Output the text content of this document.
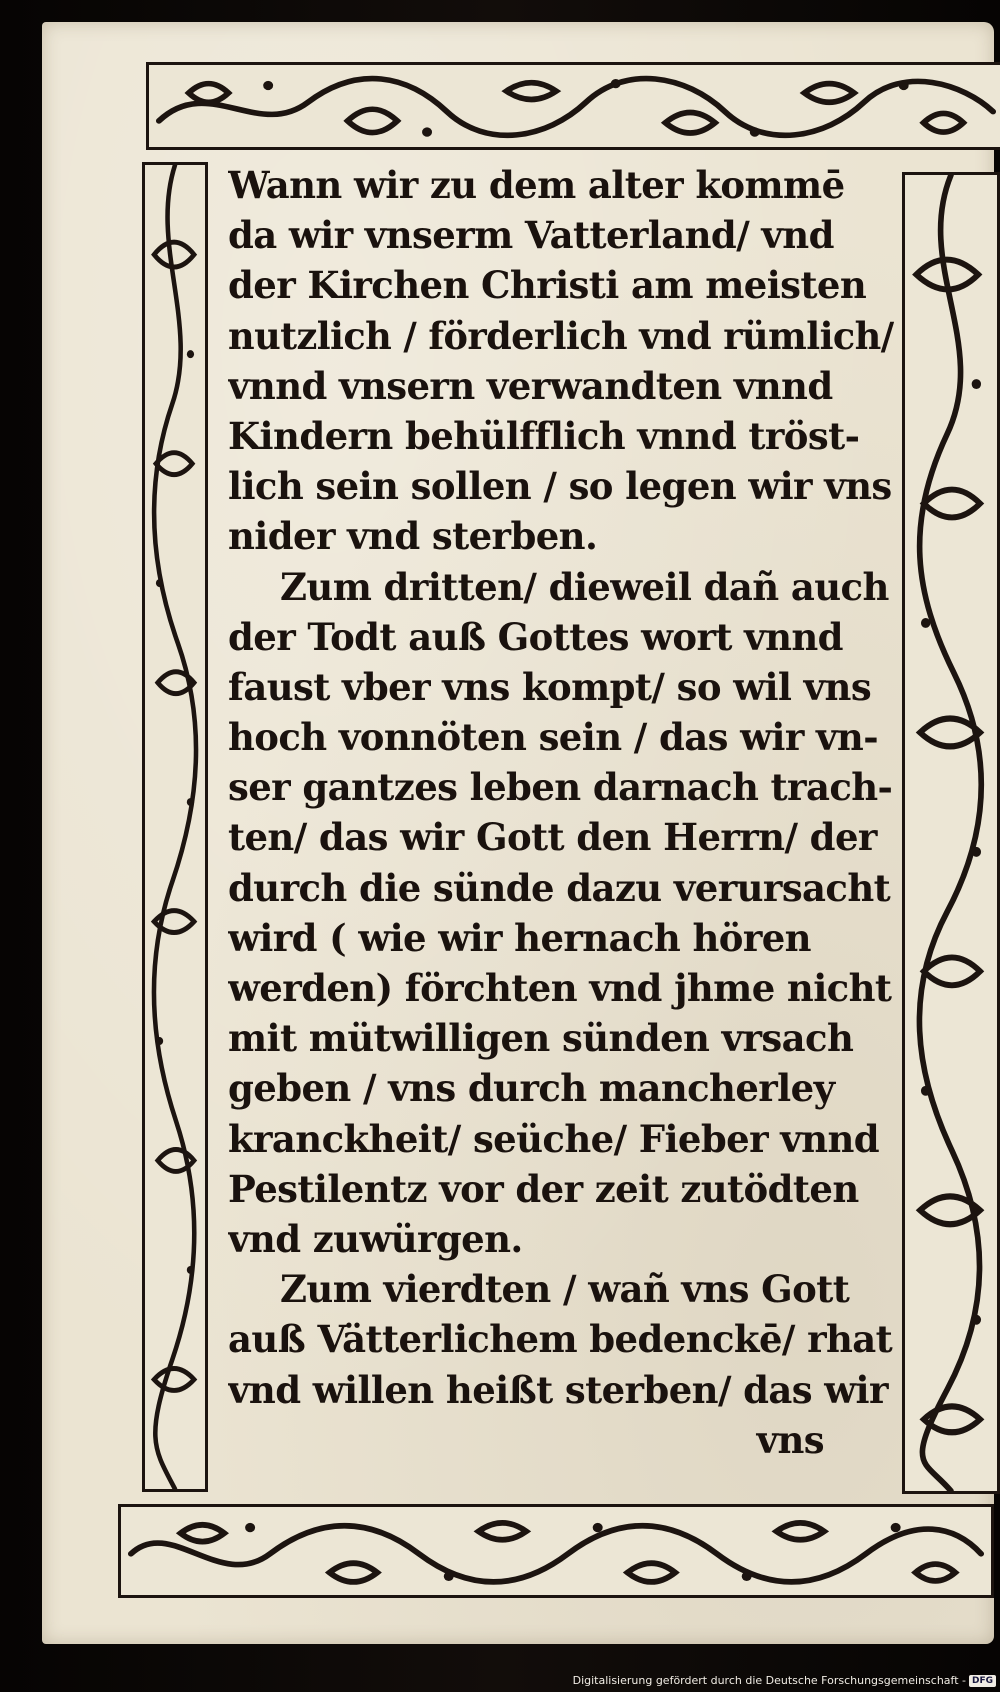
Wann wir zu dem alter kommē
da wir vnserm Vatterland/ vnd
der Kirchen Christi am meisten
nutzlich / förderlich vnd rümlich/
vnnd vnsern verwandten vnnd
Kindern behülfflich vnnd tröst-
lich sein sollen / so legen wir vns
nider vnd sterben.
Zum dritten/ dieweil dañ auch
der Todt auß Gottes wort vnnd
faust vber vns kompt/ so wil vns
hoch vonnöten sein / das wir vn-
ser gantzes leben darnach trach-
ten/ das wir Gott den Herrn/ der
durch die sünde dazu verursacht
wird ( wie wir hernach hören
werden) förchten vnd jhme nicht
mit mütwilligen sünden vrsach
geben / vns durch mancherley
kranckheit/ seüche/ Fieber vnnd
Pestilentz vor der zeit zutödten
vnd zuwürgen.
Zum vierdten / wañ vns Gott
auß Vätterlichem bedenckē/ rhat
vnd willen heißt sterben/ das wir
vns
Digitalisierung gefördert durch die Deutsche Forschungsgemeinschaft - DFG
